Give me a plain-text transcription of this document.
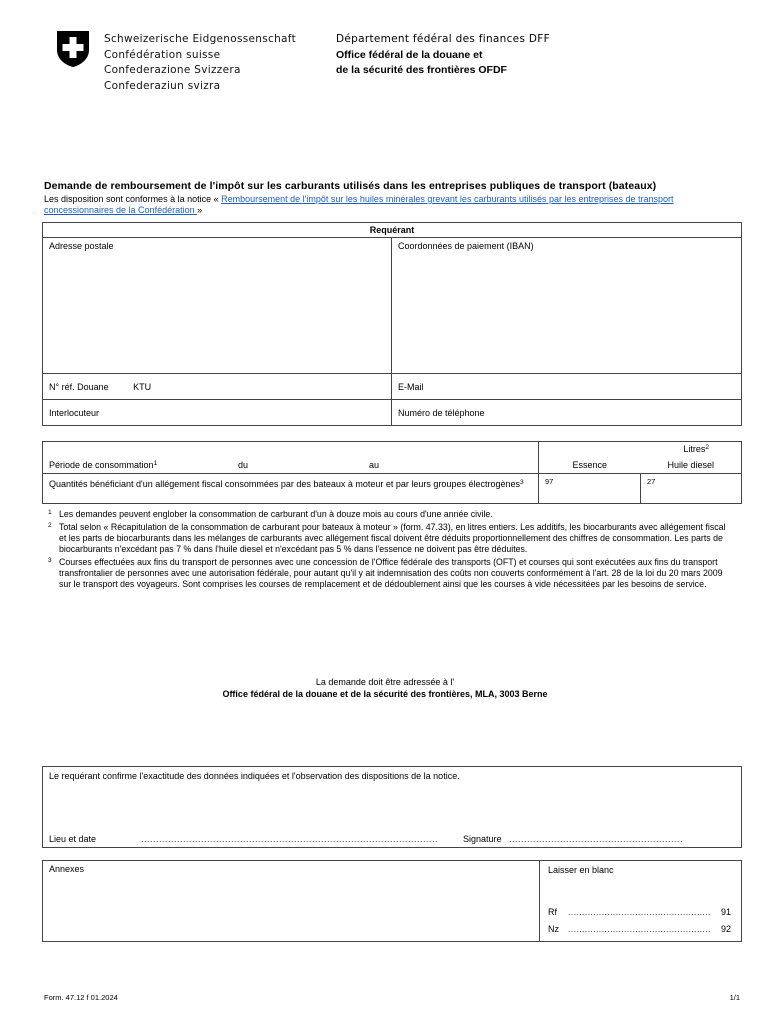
Schweizerische Eidgenossenschaft
Confédération suisse
Confederazione Svizzera
Confederaziun svizra
Département fédéral des finances DFF
Office fédéral de la douane et
de la sécurité des frontières OFDF
Demande de remboursement de l'impôt sur les carburants utilisés dans les entreprises publiques de transport (bateaux)
Les disposition sont conformes à la notice « Remboursement de l'impôt sur les huiles minérales grevant les carburants utilisés par les entreprises de transport concessionnaires de la Confédération »
Requérant	
Adresse postale	Coordonnées de paiement (IBAN)
N° réf. Douane KTU	E-Mail
Interlocuteur	Numéro de téléphone
Période de consommation$^1$ du au	Litres$^2$
	Essence	Huile diesel
Quantités bénéficiant d'un allégement fiscal consommées par des bateaux à moteur et par leurs groupes électrogènes$^3$	97	27
1 Les demandes peuvent englober la consommation de carburant d'un à douze mois au cours d'une année civile.
2 Total selon « Récapitulation de la consommation de carburant pour bateaux à moteur » (form. 47.33), en litres entiers. Les additifs, les biocarburants avec allégement fiscal et les parts de biocarburants dans les mélanges de carburants avec allégement fiscal doivent être déduits proportionnellement des chiffres de consommation. Les parts de biocarburants n'excédant pas 7 % dans l'huile diesel et n'excédant pas 5 % dans l'essence ne doivent pas être déduites.
3 Courses effectuées aux fins du transport de personnes avec une concession de l'Office fédérale des transports (OFT) et courses qui sont exécutées aux fins du transport transfrontalier de personnes avec une autorisation fédérale, pour autant qu'il y ait indemnisation des coûts non couverts conformément à l'art. 28 de la loi du 20 mars 2009 sur le transport des voyageurs. Sont comprises les courses de remplacement et de dédoublement ainsi que les courses à vide nécessitées par les besoins de service.
La demande doit être adressée à l'
Office fédéral de la douane et de la sécurité des frontières, MLA, 3003 Berne
Le requérant confirme l'exactitude des données indiquées et l'observation des dispositions de la notice.
Lieu et date	...................................................................................................	Signature ..........................................................
Annexes	Laisser en blanc
Rf ................................................... 91
Nz ................................................... 92
Form. 47.12 f 01.2024	1/1
